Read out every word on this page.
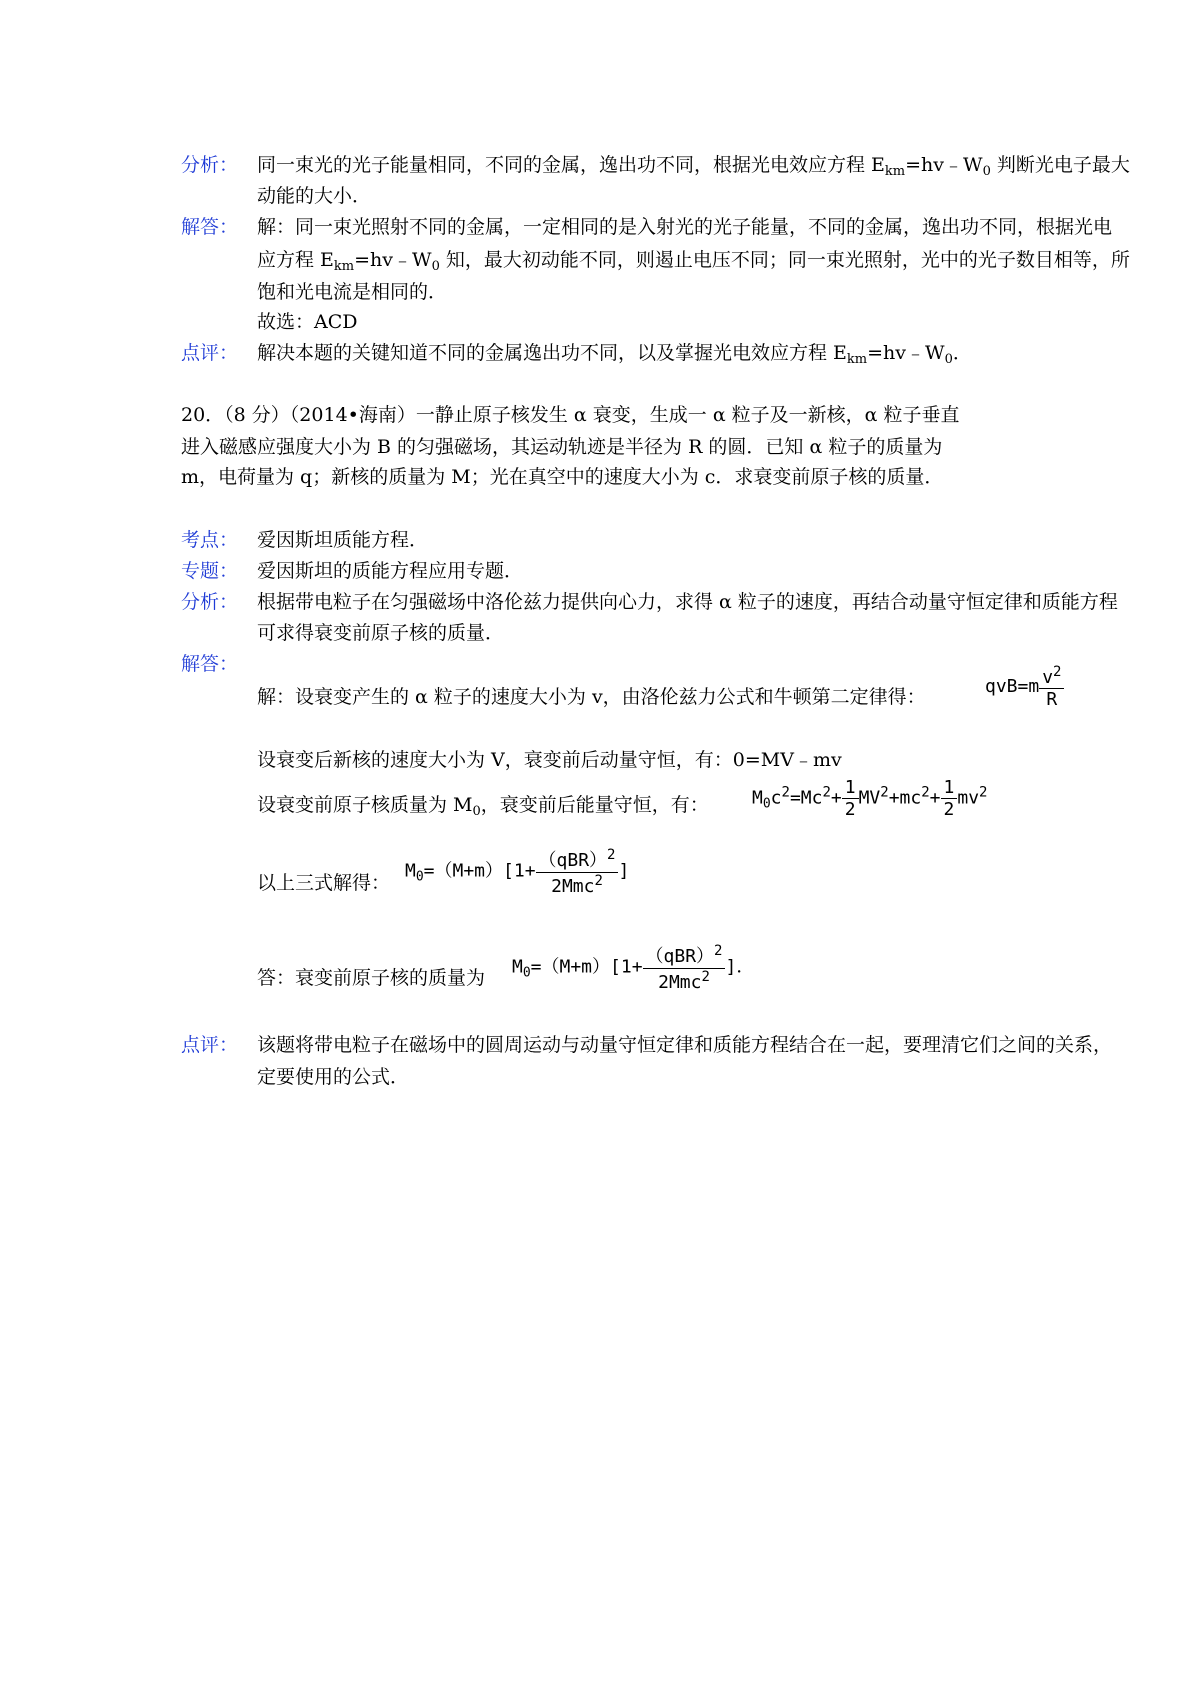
分析： 同一束光的光子能量相同，不同的金属，逸出功不同，根据光电效应方程 $E_{km}=hv﹣W_0$ 判断光电子最大
动能的大小．
解答： 解：同一束光照射不同的金属，一定相同的是入射光的光子能量，不同的金属，逸出功不同，根据光电
应方程 $E_{km}=hv﹣W_0$ 知，最大初动能不同，则遏止电压不同；同一束光照射，光中的光子数目相等，所
饱和光电流是相同的．
故选：ACD
点评： 解决本题的关键知道不同的金属逸出功不同，以及掌握光电效应方程 $E_{km}=hv﹣W_0$．
20．（8 分）（2014•海南）一静止原子核发生 α 衰变，生成一 α 粒子及一新核，α 粒子垂直
进入磁感应强度大小为 B 的匀强磁场，其运动轨迹是半径为 R 的圆．已知 α 粒子的质量为
m，电荷量为 q；新核的质量为 M；光在真空中的速度大小为 c．求衰变前原子核的质量．
考点： 爱因斯坦质能方程．
专题： 爱因斯坦的质能方程应用专题．
分析： 根据带电粒子在匀强磁场中洛伦兹力提供向心力，求得 α 粒子的速度，再结合动量守恒定律和质能方程
可求得衰变前原子核的质量．
解答：
解：设衰变产生的 α 粒子的速度大小为 v，由洛伦兹力公式和牛顿第二定律得：	$qvB=m \frac{v^2}{R}$
设衰变后新核的速度大小为 V，衰变前后动量守恒，有：0=MV﹣mv
设衰变前原子核质量为 $M_0$，衰变前后能量守恒，有： $M_0c^2=Mc^2+ \frac{1}{2} MV^2+mc^2+ \frac{1}{2} mv^2$
以上三式解得：
$M_0=(M+m)[1+ \frac{(qBR)^2}{2Mmc^2}$ ]
答：衰变前原子核的质量为 $M_0=(M+m)[1+ \frac{(qBR)^2}{2Mmc^2}$ ]．
点评： 该题将带电粒子在磁场中的圆周运动与动量守恒定律和质能方程结合在一起，要理清它们之间的关系，
定要使用的公式．
